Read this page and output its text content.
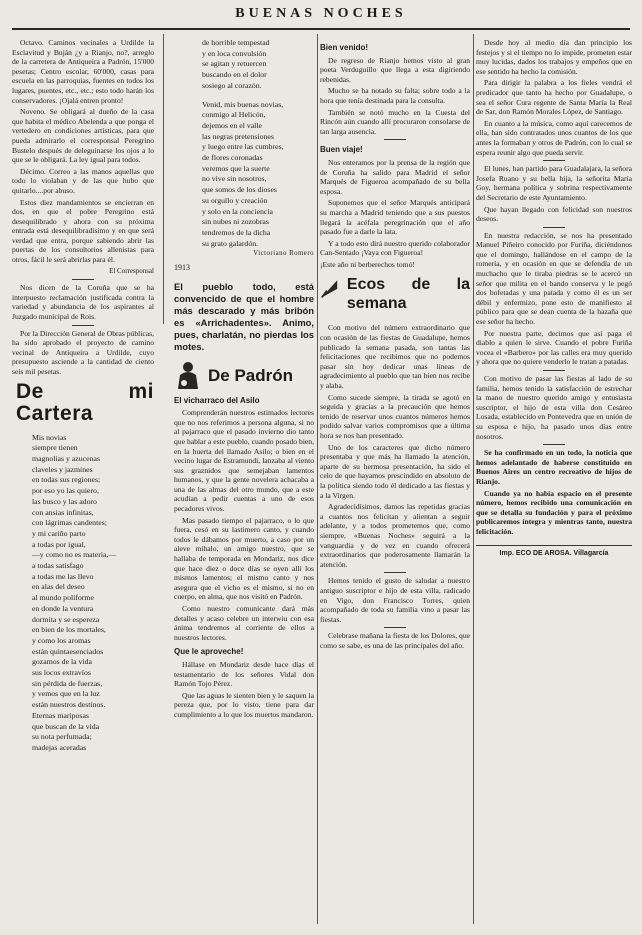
BUENAS NOCHES

Octavo. Caminos vecinales a Urdilde la Esclavitud y Buján ¿y a Rianjo, no?, arreglo de la carretera de Antiqueira a Padrón, 15'000 pesetas; Centro escolar, 60'000, casas para escuela en las parroquias, fuentes en todos los lugares, puentes, etc., etc.; esto todo harán los conservadores. ¡Ojalá entren pronto!

Noveno. Se obligará al dueño de la casa que habita el médico Abelenda a que ponga el vertedero en condiciones artísticas, para que pueda admirarlo el corresponsal Peregrino Bustelo después de deleguinarse los ojos a lo que se le obligará. La ley igual para todos.

Décimo. Correo a las manos aquellas que todo lo violaban y de las que hubo que quitarlo....por abuso.

Estos diez mandamientos se encierran en dos, en que el pobre Peregrino está desequilibrado y ahora con su próxima entrada está desequilibradísimo y en que será verdad que entra, porque sabiendo abrir las puertas de los consultorios allenistas para otros, fácil le será abrirlas para él.

El Corresponsal

Nos dicen de la Coruña que se ha interpuesto reclamación justificada contra la variedad y abundancia de los aspirantes al Juzgado municipal de Rois.

Por la Dirección General de Obras públicas, ha sido aprobado el proyecto de camino vecinal de Antiqueira a Urdilde, cuyo presupuesto asciende a la cantidad de ciento seis mil pesetas.

De mi Cartera
Mis novias
siempre tienen
magnolias y azucenas
claveles y jazmines
en todas sus regiones;
por eso yo las quiero,
las busco y las adoro
con ansias infinitas,
con lágrimas candentes;
y mi cariño parto
a todas por igual,
—y como no es materia,—
a todas satisfago
a todas me las llevo
en alas del deseo
al mundo poliforme
en donde la ventura
dormita y se espereza
en bien de los mortales,
y como los aromas
están quintaesenciados
gozamos de la vida
sus locos extravíos
sin pérdida de fuerzas,
y vemos que en la luz
están nuestros destinos.
Eternas mariposas
que buscan de la vida
su nota perfumada;
madejas aceradas
de horrible tempestad
y en loca convulsión
se agitan y retuercen
buscando en el dolor
sosiego al corazón.
Venid, mis buenas novias,
conmigo al Helicón,
dejemos en el valle
las negras pretensiones
y luego entre las cumbres,
de flores coronadas
veremos que la suerte
no vive sin nosotros,
que somos de los dioses
su orgullo y creación
y solo en la conciencia
sin nubes ni zozobras
tendremos de la dicha
su grato galardón.
Victoriano Romero
1913
El pueblo todo, está convencido de que el hombre más descarado y más bribón es «Arrichadentes». Animo, pues, charlatán, no pierdas los motes.
De Padrón
El vicharraco del Asilo

Comprenderán nuestros estimados lectores que no nos referimos a persona alguna, si no al pajarraco que el pasado invierno dio tanto que hablar a este pueblo, cuando posado bien, en la huerta del llamado Asilo; o bien en el vecino lugar de Estramundi, lanzaba al viento sus graznidos que semejaban lamentos humanos, y que la gente novelera achacaba a una de las almas del otro mundo, que a este acudían a pedir cuentas a uno de esos pecadores vivos.

Mas pasado tiempo el pajarraco, o lo que fuera, cesó en su lastimero canto, y cuando todos le dábamos por muerto, a caso por un aleve mihalo, un amigo nuestro, que se hallaba de temporada en Mondariz, nos dice que hace diez o doce días se oyen allí los mismos lamentos; el mismo canto y nos asegura que el vicho es el mismo, si no en cuerpo, en alma, que nos visitó en Padrón.

Como nuestro comunicante dará más detalles y acaso celebre un interwiu con esa ánima tendremos al corriente de ellos a nuestros lectores.

Que le aproveche!

Hállase en Mondariz desde hace días el testamentario de los señores Vidal don Ramón Tojo Pérez.

Que las aguas le sienten bien y le saquen la pereza que, por lo visto, tiene para dar cumplimiento a lo que los muertos mandaron.

Bien venido!

De regreso de Rianjo hemos visto al gran poeta Verduguillo que llega a esta digiriendo rebenidas.

Mucho se ha notado su falta; sobre todo a la hora que tenía destinada para la consulta.

También se notó mucho en la Cuesta del Rincón aún cuando allí procuraron consolarse de tan larga ausencia.

Buen viaje!

Nos enteramos por la prensa de la región que de Coruña ha salido para Madrid el señor Marqués de Figueroa acompañado de su bella esposa.

Suponemos que el señor Marqués anticipará su marcha a Madrid teniendo que a sus puestos llegará la acéfala peregrinación que el año pasado fue a darle la lata.

Y a todo esto dirá nuestro querido colaborador Can-Sentado ¡Vaya con Figueroa!

¡Este año ni berberechos tomó!

Ecos de la semana

Con motivo del número extraordinario que con ocasión de las fiestas de Guadalupe, hemos publicado la semana pasada, son tantas las felicitaciones que recibimos que no podemos pasar sin hoy dedicar unas líneas de agradecimiento al pueblo que tan bien nos recibe y alaba.

Como sucede siempre, la tirada se agotó en seguida y gracias a la precaución que hemos tenido de reservar unos cuantos números hemos podido salvar varios compromisos que a última hora se nos han presentado.

Uno de los caracteres que dicho número presentaba y que más ha llamado la atención, aparte de su hermosa presentación, ha sido el celo de que hayamos prescindido en absoluto de la política siendo todo él dedicado a las fiestas y a la Virgen.

Agradecidísimos, damos las repetidas gracias a cuantos nos felicitan y alientan a seguir adelante, y a todos prometemos que, como siempre, «Buenas Noches» seguirá a la vanguardia y de vez en cuando ofrecerá extraordinarios que poderosamente llamarán la atención.

Hemos tenido el gusto de saludar a nuestro antiguo suscriptor e hijo de esta villa, radicado en Vigo, don Francisco Torres, quien acompañado de toda su familia vino a pasar las fiestas.

Celebrase mañana la fiesta de los Dolores, que como se sabe, es una de las principales del año.

Desde hoy al medio día dan principio los festejos y si el tiempo no lo impide, prometen estar muy lucidas, dados los trabajos y empeños que en ese sentido ha hecho la comisión.

Para dirigir la palabra a los fieles vendrá el predicador que tanto ha hecho por Guadalupe, o sea el señor Cura regente de Santa María la Real de Sar, don Ramón Morales López, de Santiago.

En cuanto a la música, como aquí carecemos de ella, han sido contratados unos cuantos de los que antes la formaban y otros de Padrón, con lo cual se espera reunir algo que pueda servir.

El lunes, han partido para Guadalajara, la señora Josefa Ruano y su bella hija, la señorita María Goy, hermana política y sobrina respectivamente del Secretario de este Ayuntamiento.

Que hayan llegado con felicidad son nuestros deseos.

En nuestra redacción, se nos ha presentado Manuel Piñeiro conocido por Furiña, diciéndonos que el domingo, hallándose en el campo de la romería, y en ocasión en que se defendía de un muchacho que le tiraba piedras se le acercó un señor que milita en el bando conserva y le pegó dos bofetadas y una patada y como él es un ser débil y enfermizo, pone esto de manifiesto al público para que se dean cuenta de la hazaña que ese señor ha hecho.

Por nuestra parte, decimos que así paga el diablo a quien le sirve. Cuando el pobre Furiña vocea el «Barbero» por las calles era muy querido y ahora que no quiere venderlo le tratan a patadas.

Con motivo de pasar las fiestas al lado de su familia, hemos tenido la satisfacción de estrechar la mano de nuestro querido amigo y entusiasta suscriptor, el hijo de esta villa don Cesáreo Losada, establecido en Pontevedra que en unión de su esposa e hijo, ha pasado unos días entre nosotros.

Se ha confirmado en un todo, la noticia que hemos adelantado de haberse constituido en Buenos Aires un centro recreativo de hijos de Rianjo.

Cuando ya no había espacio en el presente número, hemos recibido una comunicación en que se detalla su fundación y para el próximo publicaremos íntegra y mientras tanto, nuestra felicitación.

Imp. ECO DE AROSA. Villagarcía
